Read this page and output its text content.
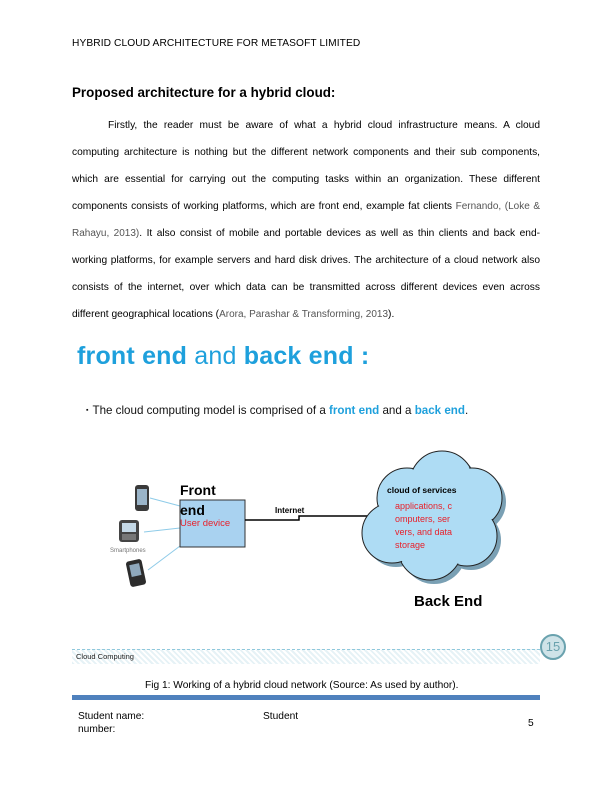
HYBRID CLOUD ARCHITECTURE FOR METASOFT LIMITED
Proposed architecture for a hybrid cloud:
Firstly, the reader must be aware of what a hybrid cloud infrastructure means. A cloud computing architecture is nothing but the different network components and their sub components, which are essential for carrying out the computing tasks within an organization. These different components consists of working platforms, which are front end, example fat clients Fernando, (Loke & Rahayu, 2013). It also consist of mobile and portable devices as well as thin clients and back end-working platforms, for example servers and hard disk drives. The architecture of a cloud network also consists of the internet, over which data can be transmitted across different devices even across different geographical locations (Arora, Parashar & Transforming, 2013).
front end and back end :
▪ The cloud computing model is comprised of a front end and a back end.
Smartphones
Front
end
User device
Internet
cloud of services
applications, c
omputers, ser
vers, and data
storage
Back End
Cloud Computing
15
Fig 1: Working of a hybrid cloud network (Source: As used by author).
Student name:
number:
Student
5
